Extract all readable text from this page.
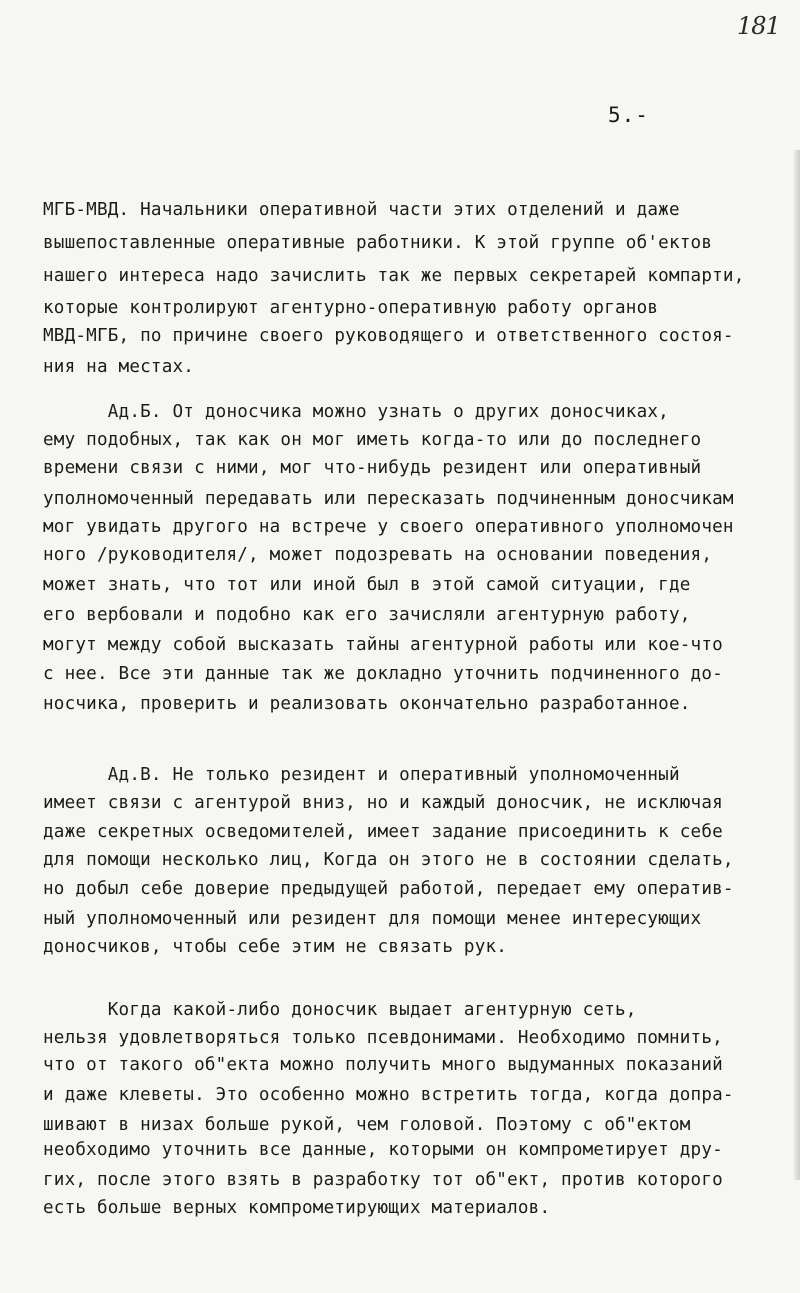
181
5.-
МГБ-МВД. Начальники оперативной части этих отделений и даже
вышепоставленные оперативные работники. К этой группе об'ектов
нашего интереса надо зачислить так же первых секретарей компарти,
которые контролируют агентурно-оперативную работу органов
МВД-МГБ, по причине своего руководящего и ответственного состоя-
ния на местах.
Ад.Б. От доносчика можно узнать о других доносчиках,
ему подобных, так как он мог иметь когда-то или до последнего
времени связи с ними, мог что-нибудь резидент или оперативный
уполномоченный передавать или пересказать подчиненным доносчикам
мог увидать другого на встрече у своего оперативного уполномочен
ного /руководителя/, может подозревать на основании поведения,
может знать, что тот или иной был в этой самой ситуации, где
его вербовали и подобно как его зачисляли агентурную работу,
могут между собой высказать тайны агентурной работы или кое-что
с нее. Все эти данные так же докладно уточнить подчиненного до-
носчика, проверить и реализовать окончательно разработанное.
Ад.В. Не только резидент и оперативный уполномоченный
имеет связи с агентурой вниз, но и каждый доносчик, не исключая
даже секретных осведомителей, имеет задание присоединить к себе
для помощи несколько лиц, Когда он этого не в состоянии сделать,
но добыл себе доверие предыдущей работой, передает ему оператив-
ный уполномоченный или резидент для помощи менее интересующих
доносчиков, чтобы себе этим не связать рук.
Когда какой-либо доносчик выдает агентурную сеть,
нельзя удовлетворяться только псевдонимами. Необходимо помнить,
что от такого об"екта можно получить много выдуманных показаний
и даже клеветы. Это особенно можно встретить тогда, когда допра-
шивают в низах больше рукой, чем головой. Поэтому с об"ектом
необходимо уточнить все данные, которыми он компрометирует дру-
гих, после этого взять в разработку тот об"ект, против которого
есть больше верных компрометирующих материалов.
